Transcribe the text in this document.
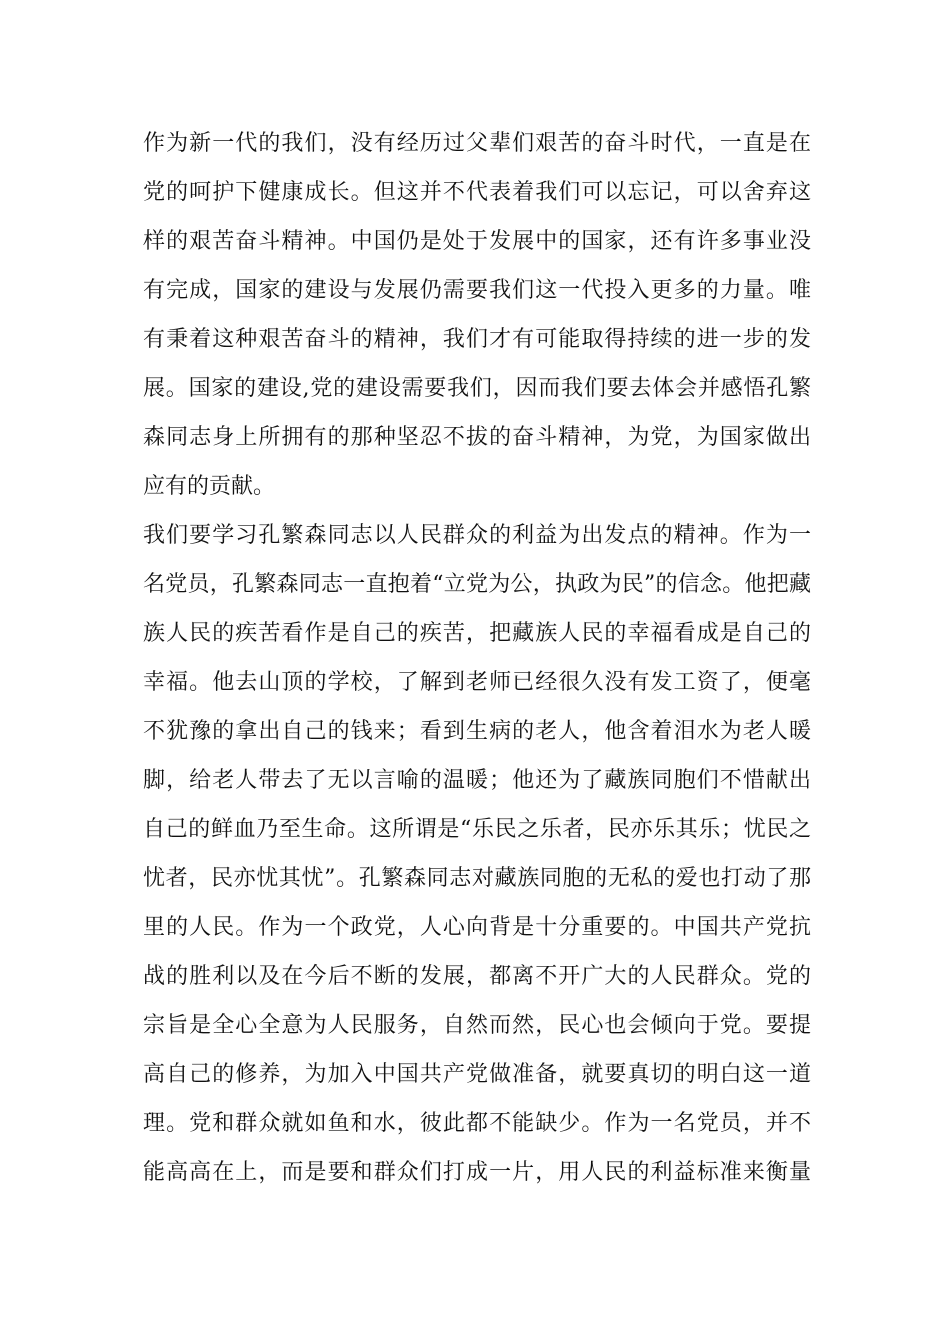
作为新一代的我们，没有经历过父辈们艰苦的奋斗时代，一直是在
党的呵护下健康成长。但这并不代表着我们可以忘记，可以舍弃这
样的艰苦奋斗精神。中国仍是处于发展中的国家，还有许多事业没
有完成，国家的建设与发展仍需要我们这一代投入更多的力量。唯
有秉着这种艰苦奋斗的精神，我们才有可能取得持续的进一步的发
展。国家的建设,党的建设需要我们，因而我们要去体会并感悟孔繁
森同志身上所拥有的那种坚忍不拔的奋斗精神，为党，为国家做出
应有的贡献。
我们要学习孔繁森同志以人民群众的利益为出发点的精神。作为一
名党员，孔繁森同志一直抱着“立党为公，执政为民”的信念。他把藏
族人民的疾苦看作是自己的疾苦，把藏族人民的幸福看成是自己的
幸福。他去山顶的学校，了解到老师已经很久没有发工资了，便毫
不犹豫的拿出自己的钱来；看到生病的老人，他含着泪水为老人暖
脚，给老人带去了无以言喻的温暖；他还为了藏族同胞们不惜献出
自己的鲜血乃至生命。这所谓是“乐民之乐者，民亦乐其乐；忧民之
忧者，民亦忧其忧”。孔繁森同志对藏族同胞的无私的爱也打动了那
里的人民。作为一个政党，人心向背是十分重要的。中国共产党抗
战的胜利以及在今后不断的发展，都离不开广大的人民群众。党的
宗旨是全心全意为人民服务，自然而然，民心也会倾向于党。要提
高自己的修养，为加入中国共产党做准备，就要真切的明白这一道
理。党和群众就如鱼和水，彼此都不能缺少。作为一名党员，并不
能高高在上，而是要和群众们打成一片，用人民的利益标准来衡量
